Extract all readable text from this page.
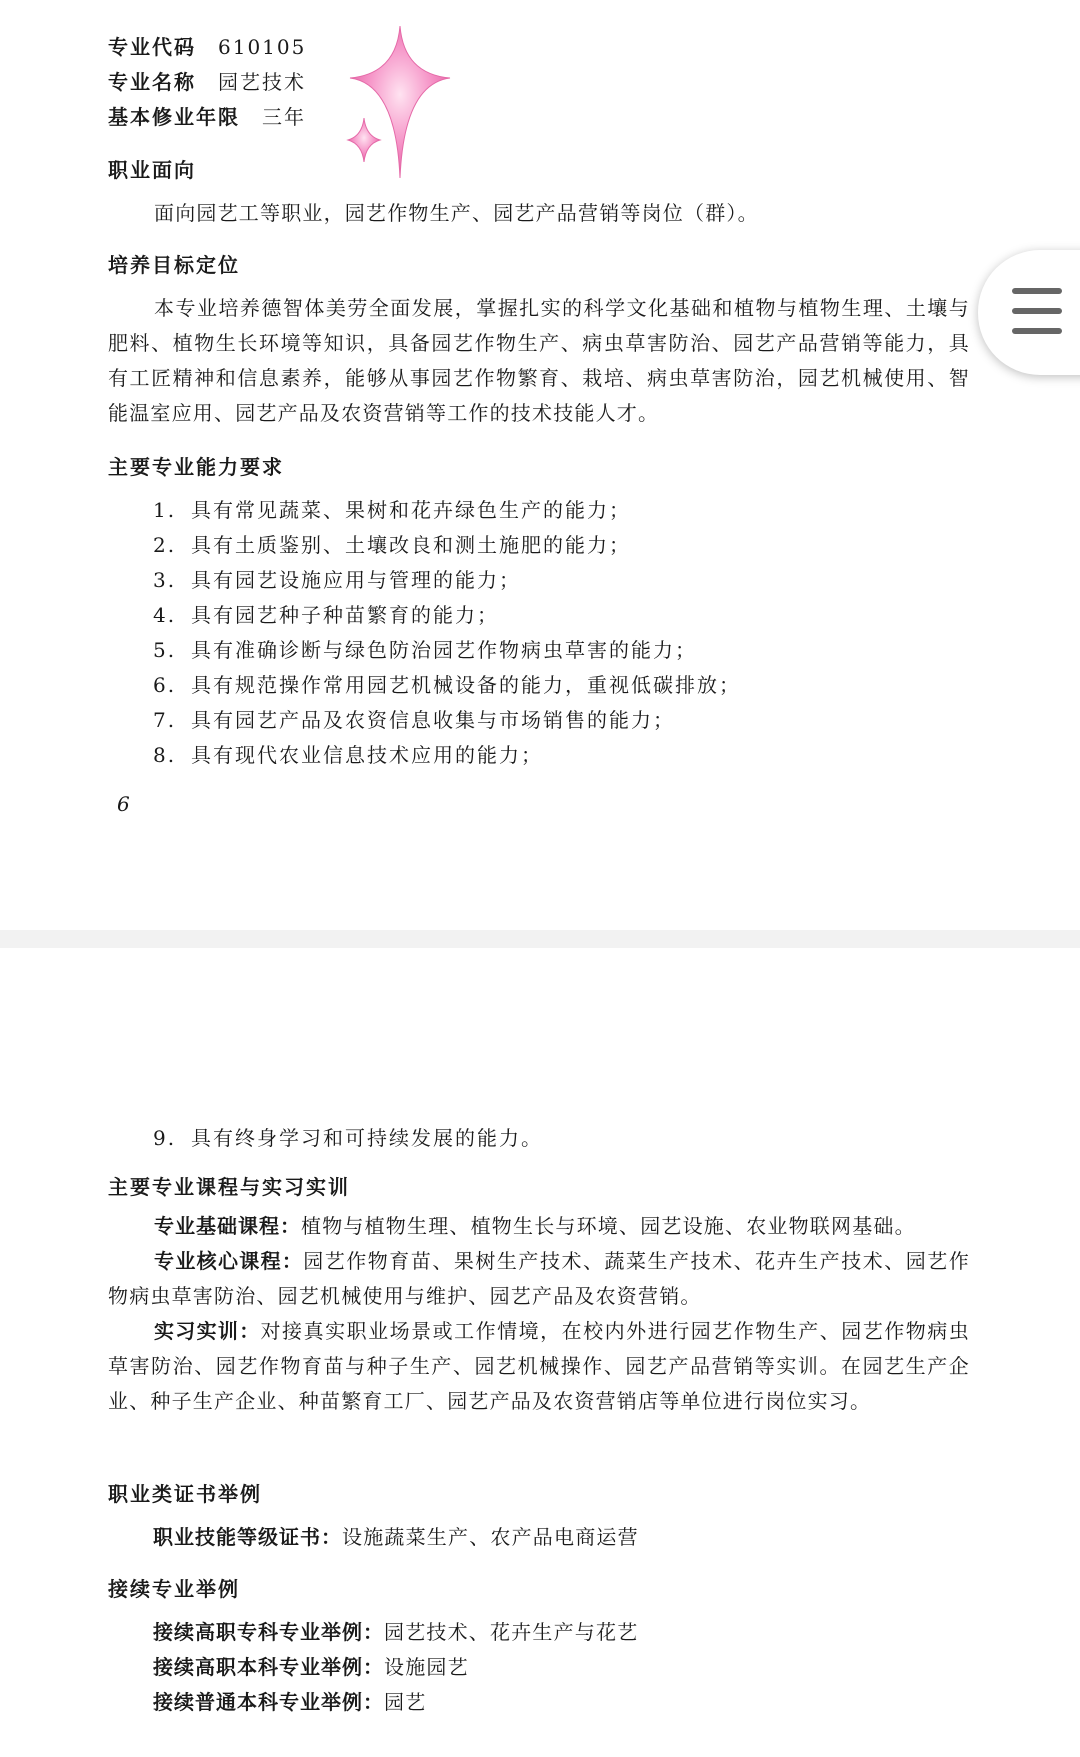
专业代码 610105
专业名称 园艺技术
基本修业年限 三年
职业面向

面向园艺工等职业，园艺作物生产、园艺产品营销等岗位（群）。

培养目标定位

本专业培养德智体美劳全面发展，掌握扎实的科学文化基础和植物与植物生理、土壤与肥料、植物生长环境等知识，具备园艺作物生产、病虫草害防治、园艺产品营销等能力，具有工匠精神和信息素养，能够从事园艺作物繁育、栽培、病虫草害防治，园艺机械使用、智能温室应用、园艺产品及农资营销等工作的技术技能人才。

主要专业能力要求
1. 具有常见蔬菜、果树和花卉绿色生产的能力；
2. 具有土质鉴别、土壤改良和测土施肥的能力；
3. 具有园艺设施应用与管理的能力；
4. 具有园艺种子种苗繁育的能力；
5. 具有准确诊断与绿色防治园艺作物病虫草害的能力；
6. 具有规范操作常用园艺机械设备的能力，重视低碳排放；
7. 具有园艺产品及农资信息收集与市场销售的能力；
8. 具有现代农业信息技术应用的能力；
6
9. 具有终身学习和可持续发展的能力。
主要专业课程与实习实训

专业基础课程：植物与植物生理、植物生长与环境、园艺设施、农业物联网基础。

专业核心课程：园艺作物育苗、果树生产技术、蔬菜生产技术、花卉生产技术、园艺作物病虫草害防治、园艺机械使用与维护、园艺产品及农资营销。

实习实训：对接真实职业场景或工作情境，在校内外进行园艺作物生产、园艺作物病虫草害防治、园艺作物育苗与种子生产、园艺机械操作、园艺产品营销等实训。在园艺生产企业、种子生产企业、种苗繁育工厂、园艺产品及农资营销店等单位进行岗位实习。

职业类证书举例
职业技能等级证书：设施蔬菜生产、农产品电商运营
接续专业举例
接续高职专科专业举例：园艺技术、花卉生产与花艺
接续高职本科专业举例：设施园艺
接续普通本科专业举例：园艺
